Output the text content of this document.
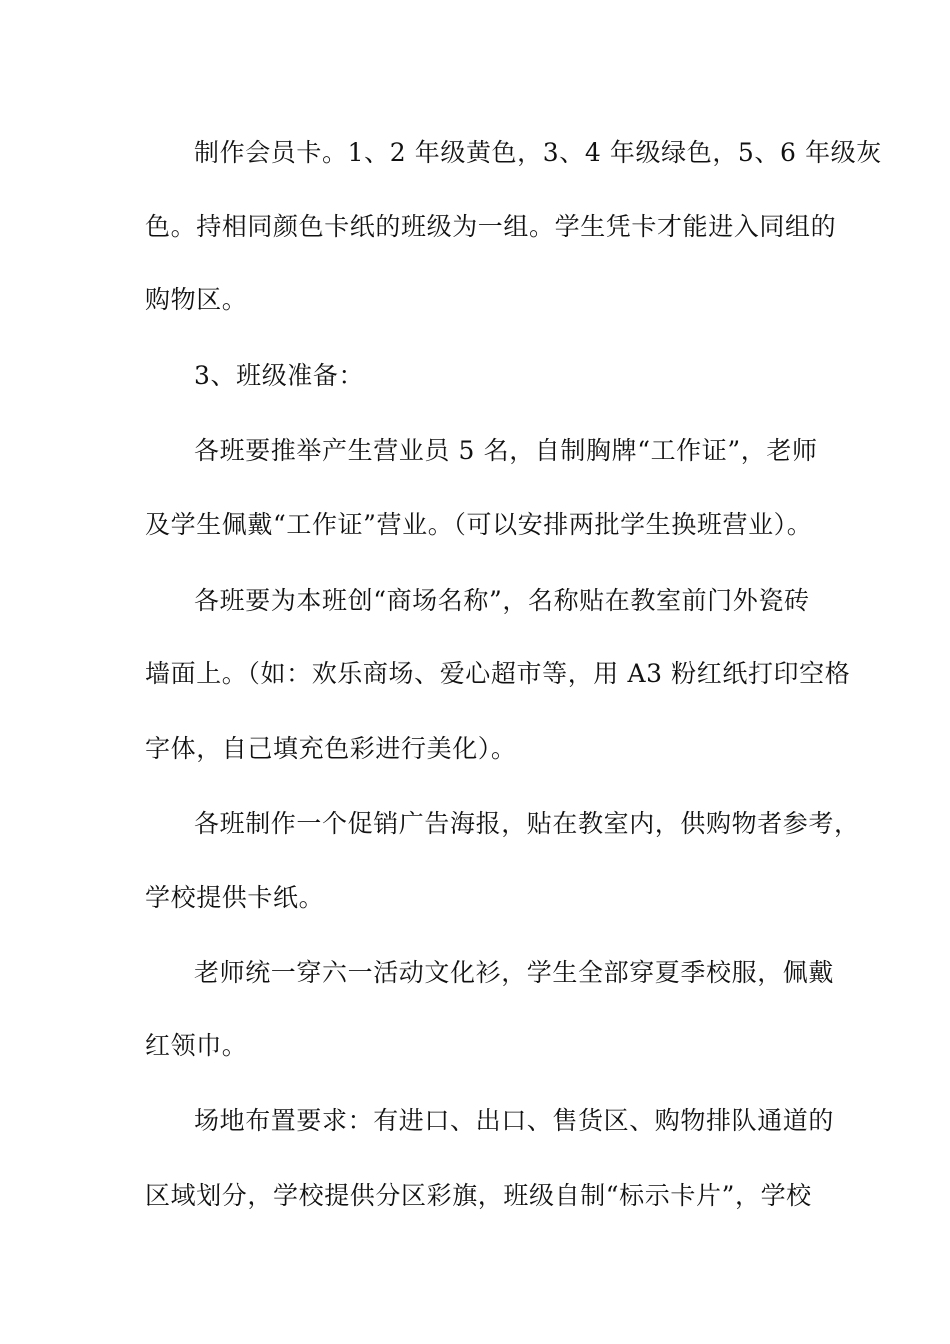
制作会员卡。1、2 年级黄色，3、4 年级绿色，5、6 年级灰
色。持相同颜色卡纸的班级为一组。学生凭卡才能进入同组的
购物区。
3、班级准备：
各班要推举产生营业员 5 名，自制胸牌“工作证”，老师
及学生佩戴“工作证”营业。（可以安排两批学生换班营业）。
各班要为本班创“商场名称”，名称贴在教室前门外瓷砖
墙面上。（如：欢乐商场、爱心超市等，用 A3 粉红纸打印空格
字体，自己填充色彩进行美化）。
各班制作一个促销广告海报，贴在教室内，供购物者参考，
学校提供卡纸。
老师统一穿六一活动文化衫，学生全部穿夏季校服，佩戴
红领巾。
场地布置要求：有进口、出口、售货区、购物排队通道的
区域划分，学校提供分区彩旗，班级自制“标示卡片”，学校
